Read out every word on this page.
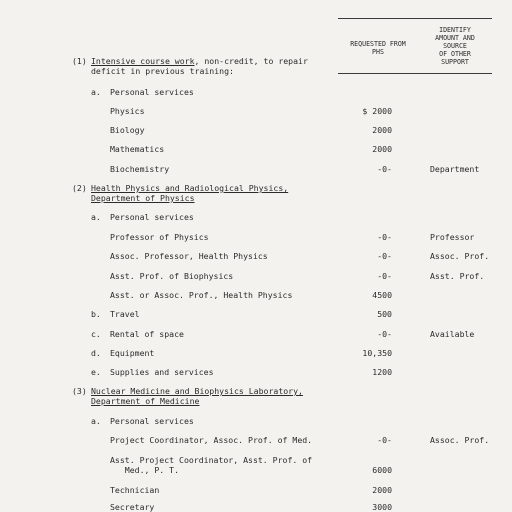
REQUESTED FROM
PHS
IDENTIFY
AMOUNT AND
SOURCE
OF OTHER
SUPPORT
(1) Intensive course work, non-credit, to repair
deficit in previous training:
a. Personal services
Physics	$ 2000
Biology	2000
Mathematics	2000
Biochemistry	-0-	Department
(2) Health Physics and Radiological Physics,
Department of Physics
a. Personal services
Professor of Physics	-0-	Professor
Assoc. Professor, Health Physics	-0-	Assoc. Prof.
Asst. Prof. of Biophysics	-0-	Asst. Prof.
Asst. or Assoc. Prof., Health Physics	4500
b. Travel	500
c. Rental of space	-0-	Available
d. Equipment	10,350
e. Supplies and services	1200
(3) Nuclear Medicine and Biophysics Laboratory,
Department of Medicine
a. Personal services
Project Coordinator, Assoc. Prof. of Med.	-0-	Assoc. Prof.
Asst. Project Coordinator, Asst. Prof. of
Med., P. T.	6000
Technician	2000
Secretary	3000
